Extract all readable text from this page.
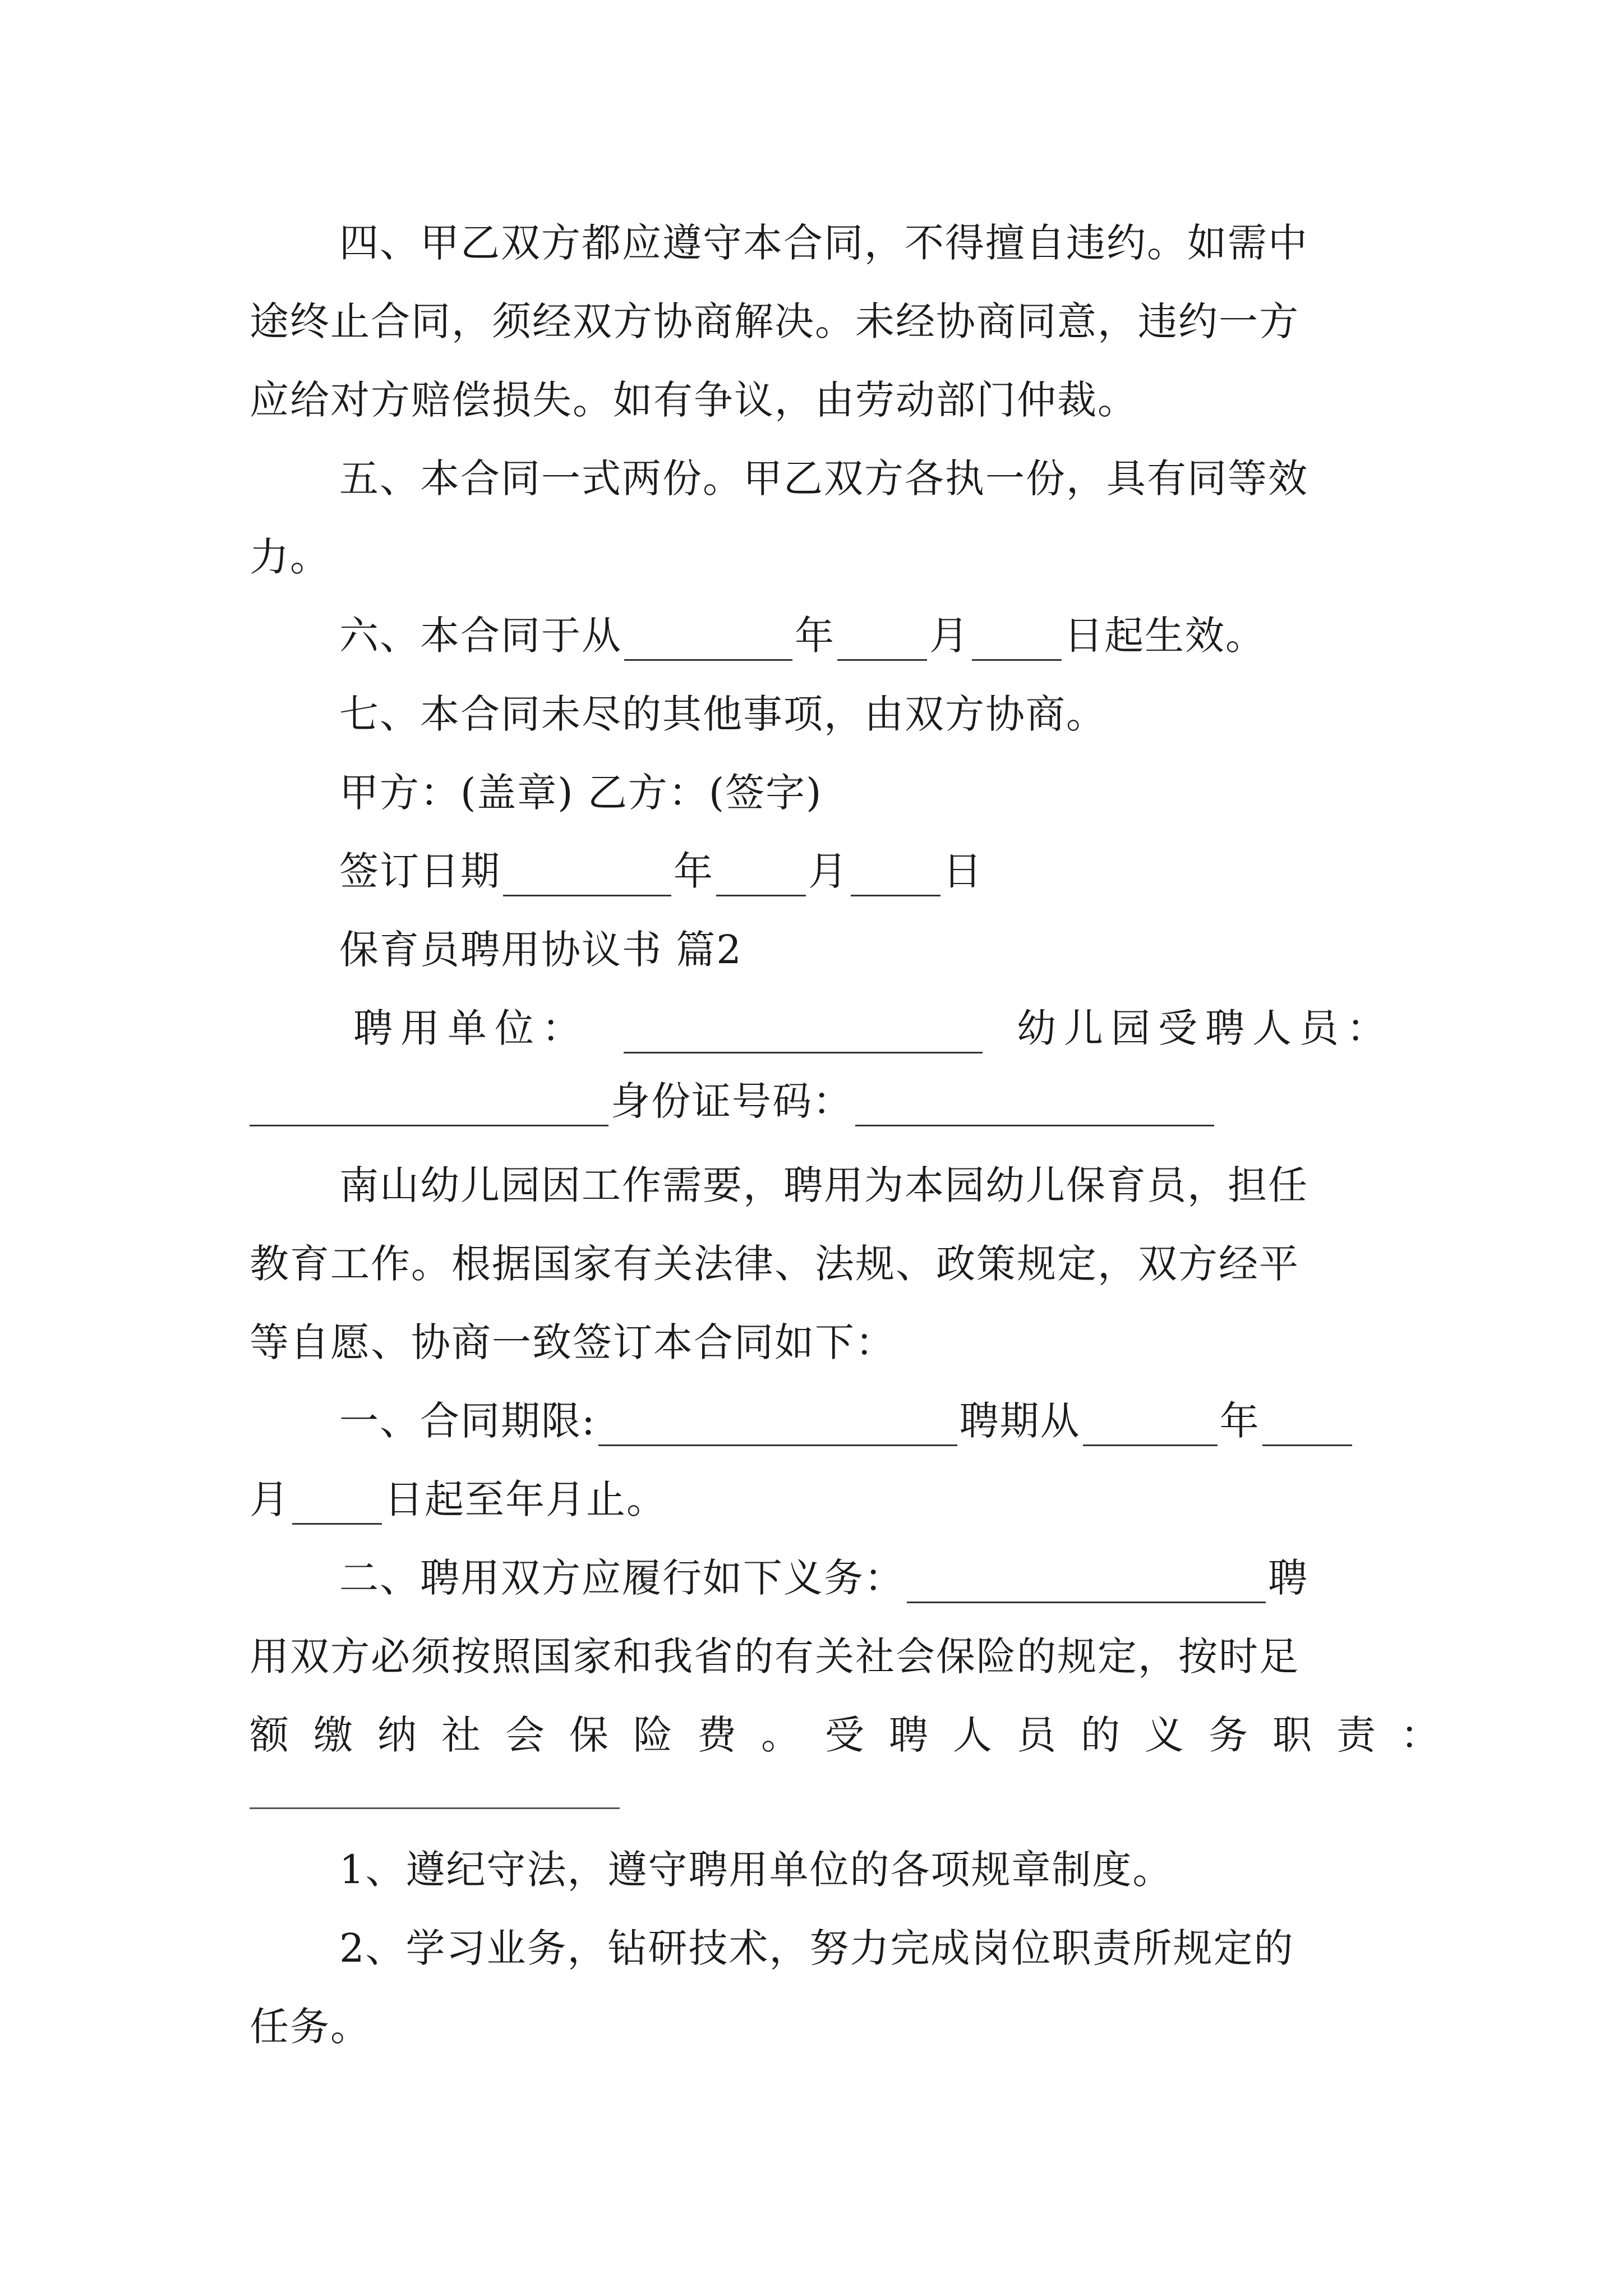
四、甲乙双方都应遵守本合同，不得擅自违约。如需中
途终止合同，须经双方协商解决。未经协商同意，违约一方
应给对方赔偿损失。如有争议，由劳动部门仲裁。
五、本合同一式两份。甲乙双方各执一份，具有同等效
力。
六、本合同于从	年 月 日起生效。
七、本合同未尽的其他事项，由双方协商。
甲方：(盖章) 乙方：(签字)
签订日期	年 月 日
保育员聘用协议书 篇2
聘用单位：	幼儿园受聘人员：
身份证号码：
南山幼儿园因工作需要，聘用为本园幼儿保育员，担任
教育工作。根据国家有关法律、法规、政策规定，双方经平
等自愿、协商一致签订本合同如下：
一、合同期限:	聘期从	年
月 日起至年月止。
二、聘用双方应履行如下义务：	聘
用双方必须按照国家和我省的有关社会保险的规定，按时足
额缴纳社会保险费。受聘人员的义务职责：
1、遵纪守法，遵守聘用单位的各项规章制度。
2、学习业务，钻研技术，努力完成岗位职责所规定的
任务。
